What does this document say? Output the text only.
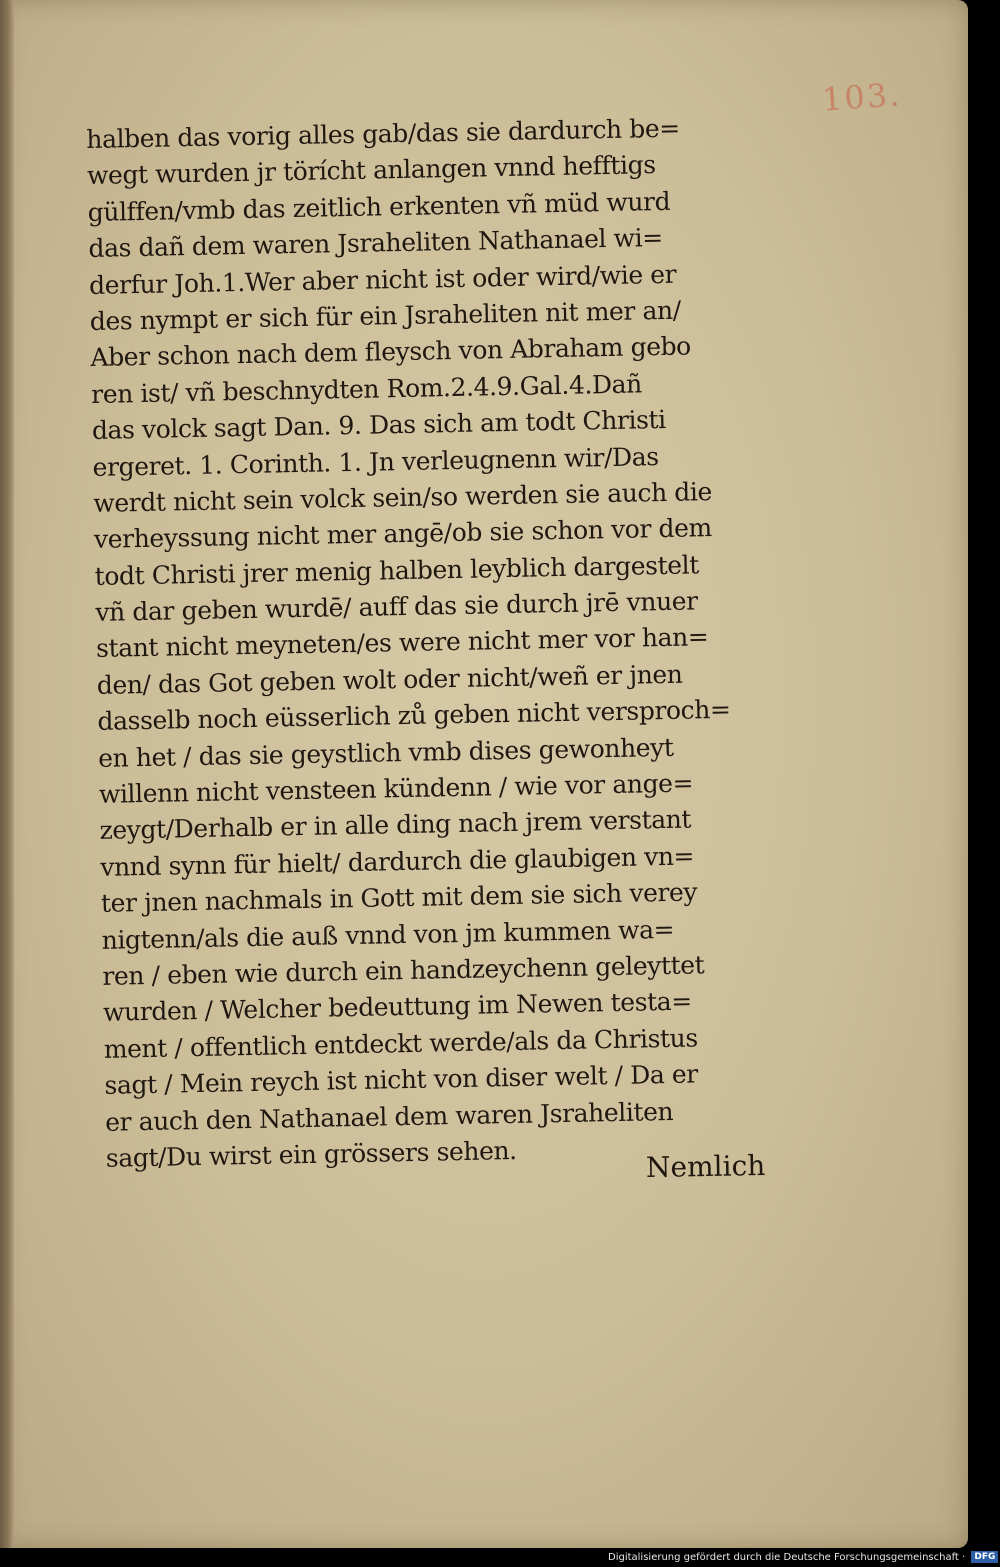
103.
halben das vorig alles gab/das sie dardurch be=
wegt wurden jr törícht anlangen vnnd hefftigs
gülffen/vmb das zeitlich erkenten vñ müd wurd
das dañ dem waren Jsraheliten Nathanael wi=
derfur Joh.1.Wer aber nicht ist oder wird/wie er
des nympt er sich für ein Jsraheliten nit mer an/
Aber schon nach dem fleysch von Abraham gebo
ren ist/ vñ beschnydten Rom.2.4.9.Gal.4.Dañ
das volck sagt Dan. 9. Das sich am todt Christi
ergeret. 1. Corinth. 1. Jn verleugnenn wir/Das
werdt nicht sein volck sein/so werden sie auch die
verheyssung nicht mer angē/ob sie schon vor dem
todt Christi jrer menig halben leyblich dargestelt
vñ dar geben wurdē/ auff das sie durch jrē vnuer
stant nicht meyneten/es were nicht mer vor han=
den/ das Got geben wolt oder nicht/weñ er jnen
dasselb noch eüsserlich zů geben nicht versproch=
en het / das sie geystlich vmb dises gewonheyt
willenn nicht vensteen kündenn / wie vor ange=
zeygt/Derhalb er in alle ding nach jrem verstant
vnnd synn für hielt/ dardurch die glaubigen vn=
ter jnen nachmals in Gott mit dem sie sich verey
nigtenn/als die auß vnnd von jm kummen wa=
ren / eben wie durch ein handzeychenn geleyttet
wurden / Welcher bedeuttung im Newen testa=
ment / offentlich entdeckt werde/als da Christus
sagt / Mein reych ist nicht von diser welt / Da er
er auch den Nathanael dem waren Jsraheliten
sagt/Du wirst ein grössers sehen.	Nemlich
Digitalisierung gefördert durch die Deutsche Forschungsgemeinschaft · DFG
